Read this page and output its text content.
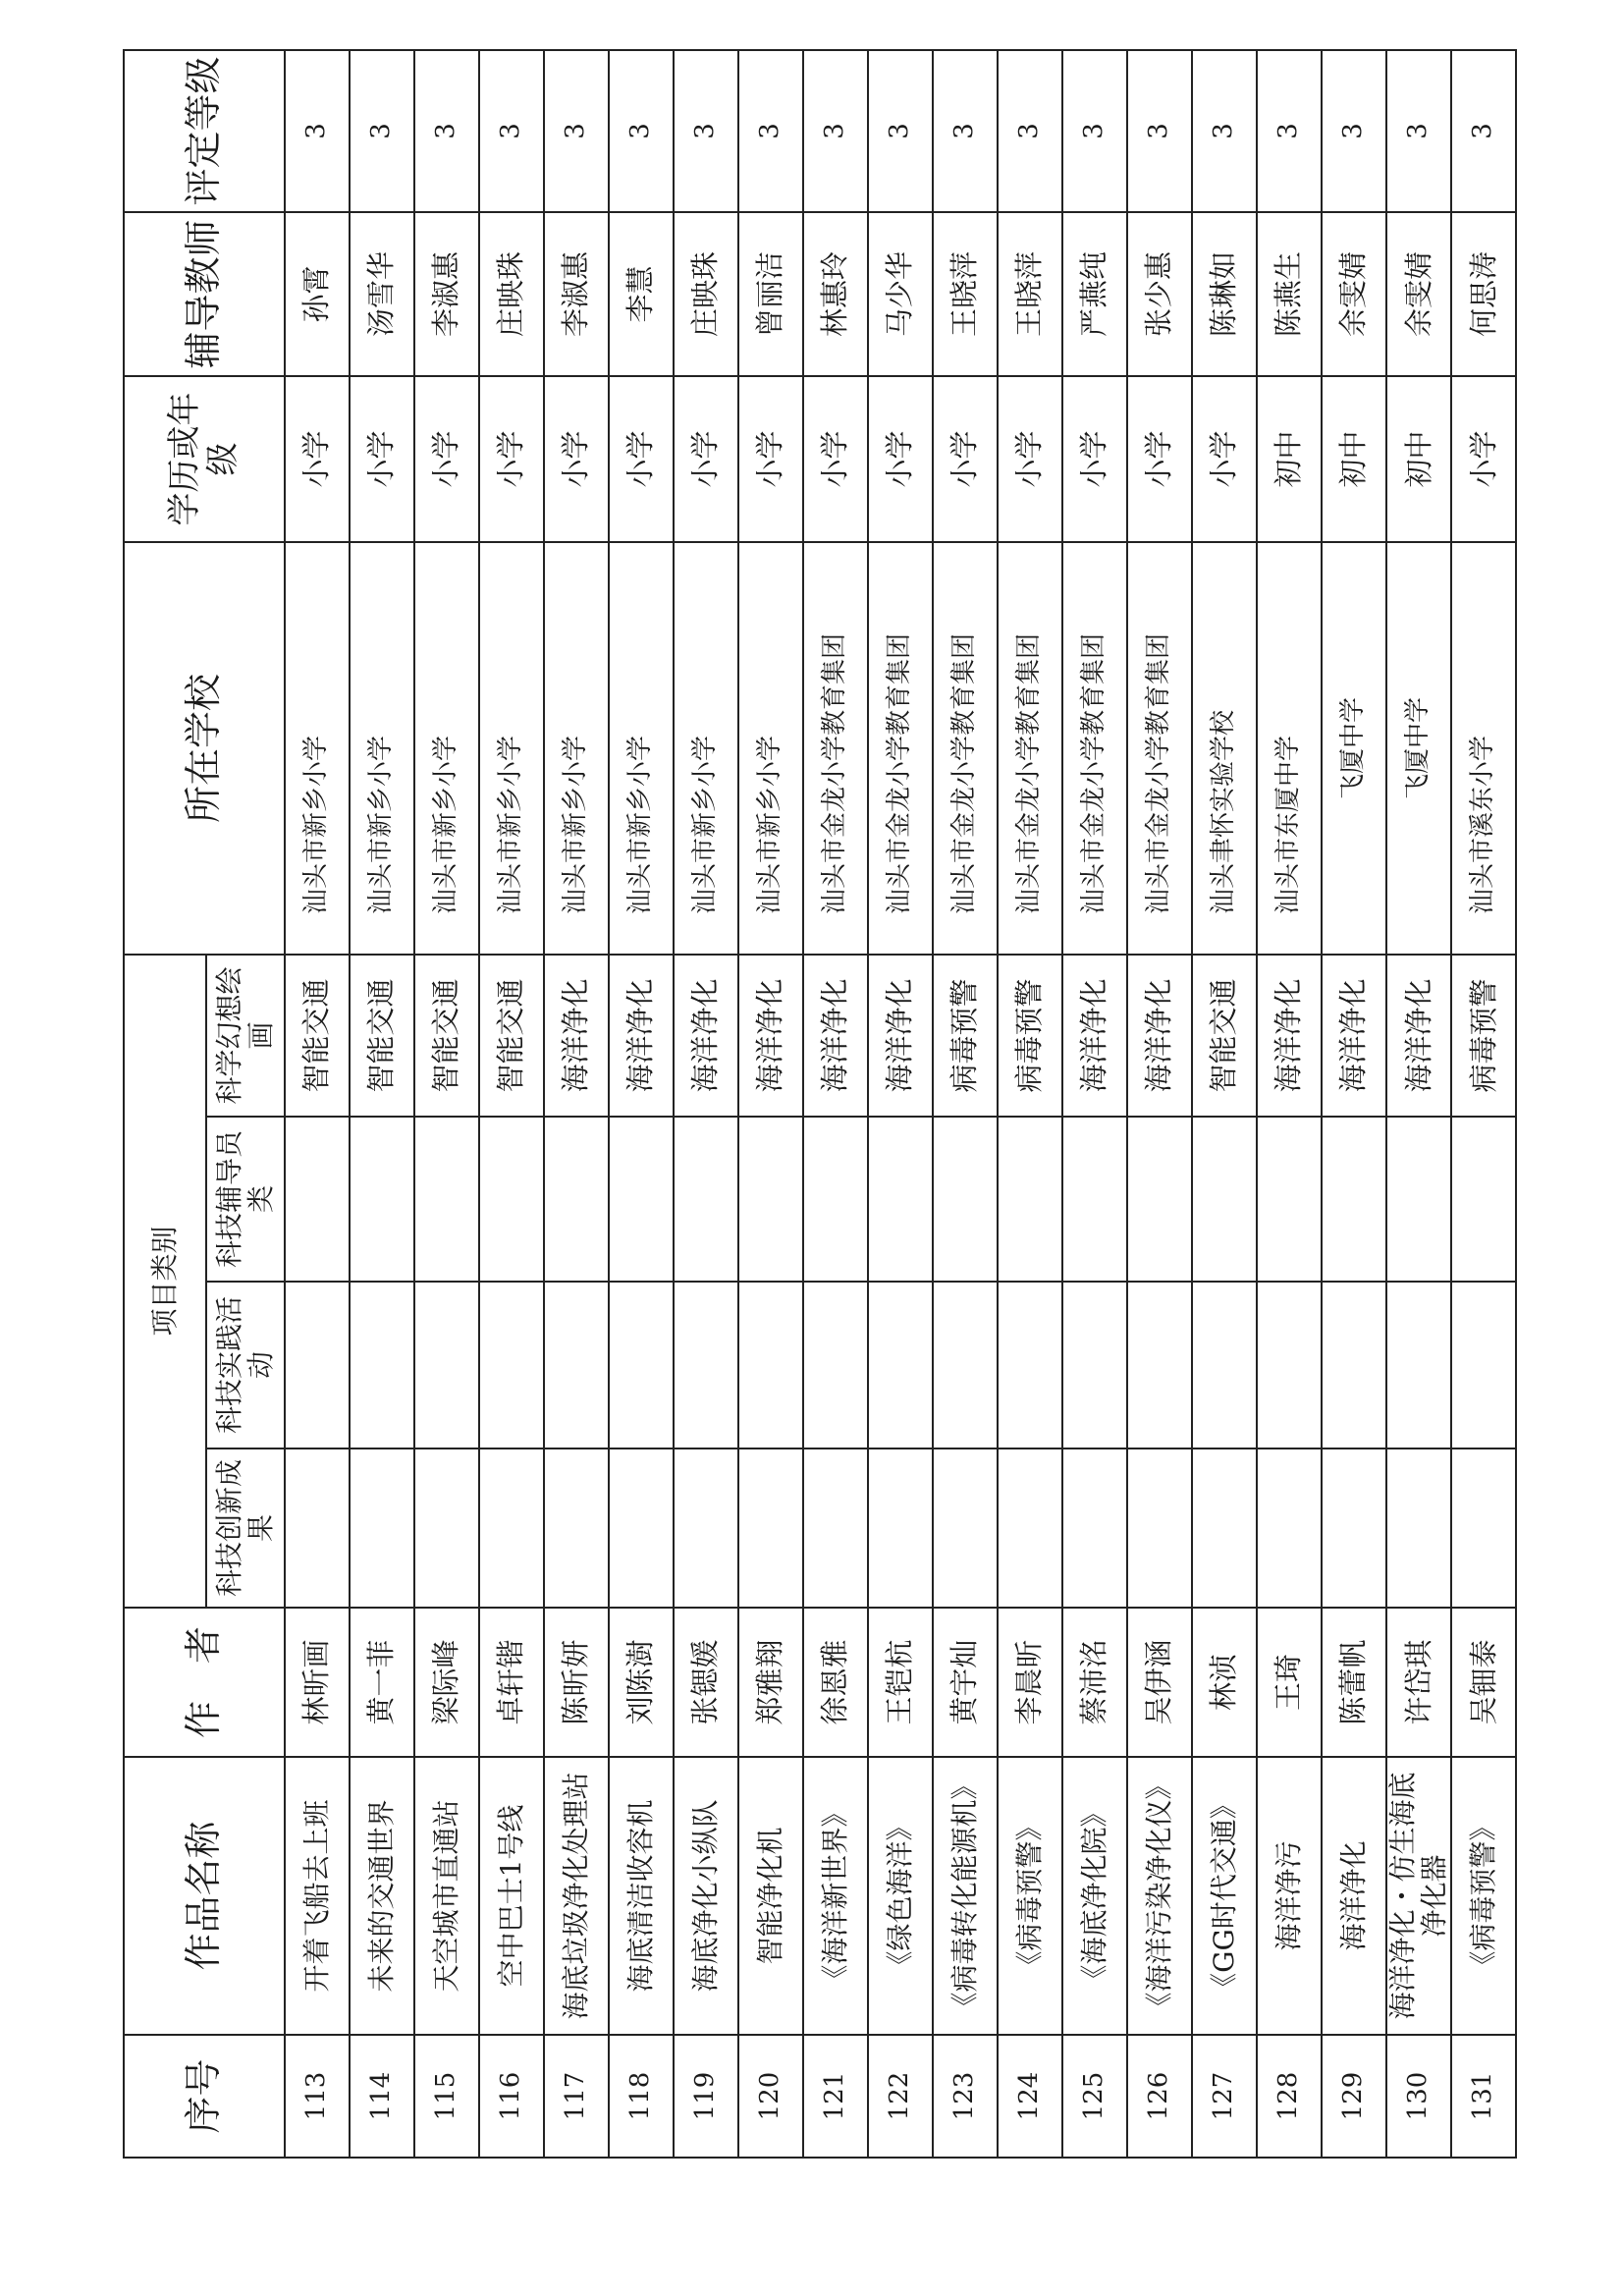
序号	作品名称	作　者	项目类别				所在学校	学历或年级	辅导教师	评定等级
			科技创新成果	科技实践活动	科技辅导员类	科学幻想绘画				
113	开着飞船去上班	林昕画				智能交通	汕头市新乡小学	小学	孙霄	3
114	未来的交通世界	黄一菲				智能交通	汕头市新乡小学	小学	汤雪华	3
115	天空城市直通站	梁际峰				智能交通	汕头市新乡小学	小学	李淑惠	3
116	空中巴士1号线	卓轩锴				智能交通	汕头市新乡小学	小学	庄映珠	3
117	海底垃圾净化处理站	陈昕妍				海洋净化	汕头市新乡小学	小学	李淑惠	3
118	海底清洁收容机	刘陈澍				海洋净化	汕头市新乡小学	小学	李慧	3
119	海底净化小纵队	张锶媛				海洋净化	汕头市新乡小学	小学	庄映珠	3
120	智能净化机	郑雅翔				海洋净化	汕头市新乡小学	小学	曾丽洁	3
121	《海洋新世界》	徐恩雅				海洋净化	汕头市金龙小学教育集团	小学	林惠玲	3
122	《绿色海洋》	王铠杭				海洋净化	汕头市金龙小学教育集团	小学	马少华	3
123	《病毒转化能源机》	黄宇灿				病毒预警	汕头市金龙小学教育集团	小学	王晓萍	3
124	《病毒预警》	李晨昕				病毒预警	汕头市金龙小学教育集团	小学	王晓萍	3
125	《海底净化院》	蔡沛洺				海洋净化	汕头市金龙小学教育集团	小学	严燕纯	3
126	《海洋污染净化仪》	吴伊涵				海洋净化	汕头市金龙小学教育集团	小学	张少惠	3
127	《GG时代交通》	林浈				智能交通	汕头聿怀实验学校	小学	陈琳如	3
128	海洋净污	王琦				海洋净化	汕头市东厦中学	初中	陈燕生	3
129	海洋净化	陈蕾帆				海洋净化	飞厦中学	初中	余雯婧	3
130	海洋净化・仿生海底净化器	许岱琪				海洋净化	飞厦中学	初中	余雯婧	3
131	《病毒预警》	吴钿泰				病毒预警	汕头市溪东小学	小学	何思涛	3
